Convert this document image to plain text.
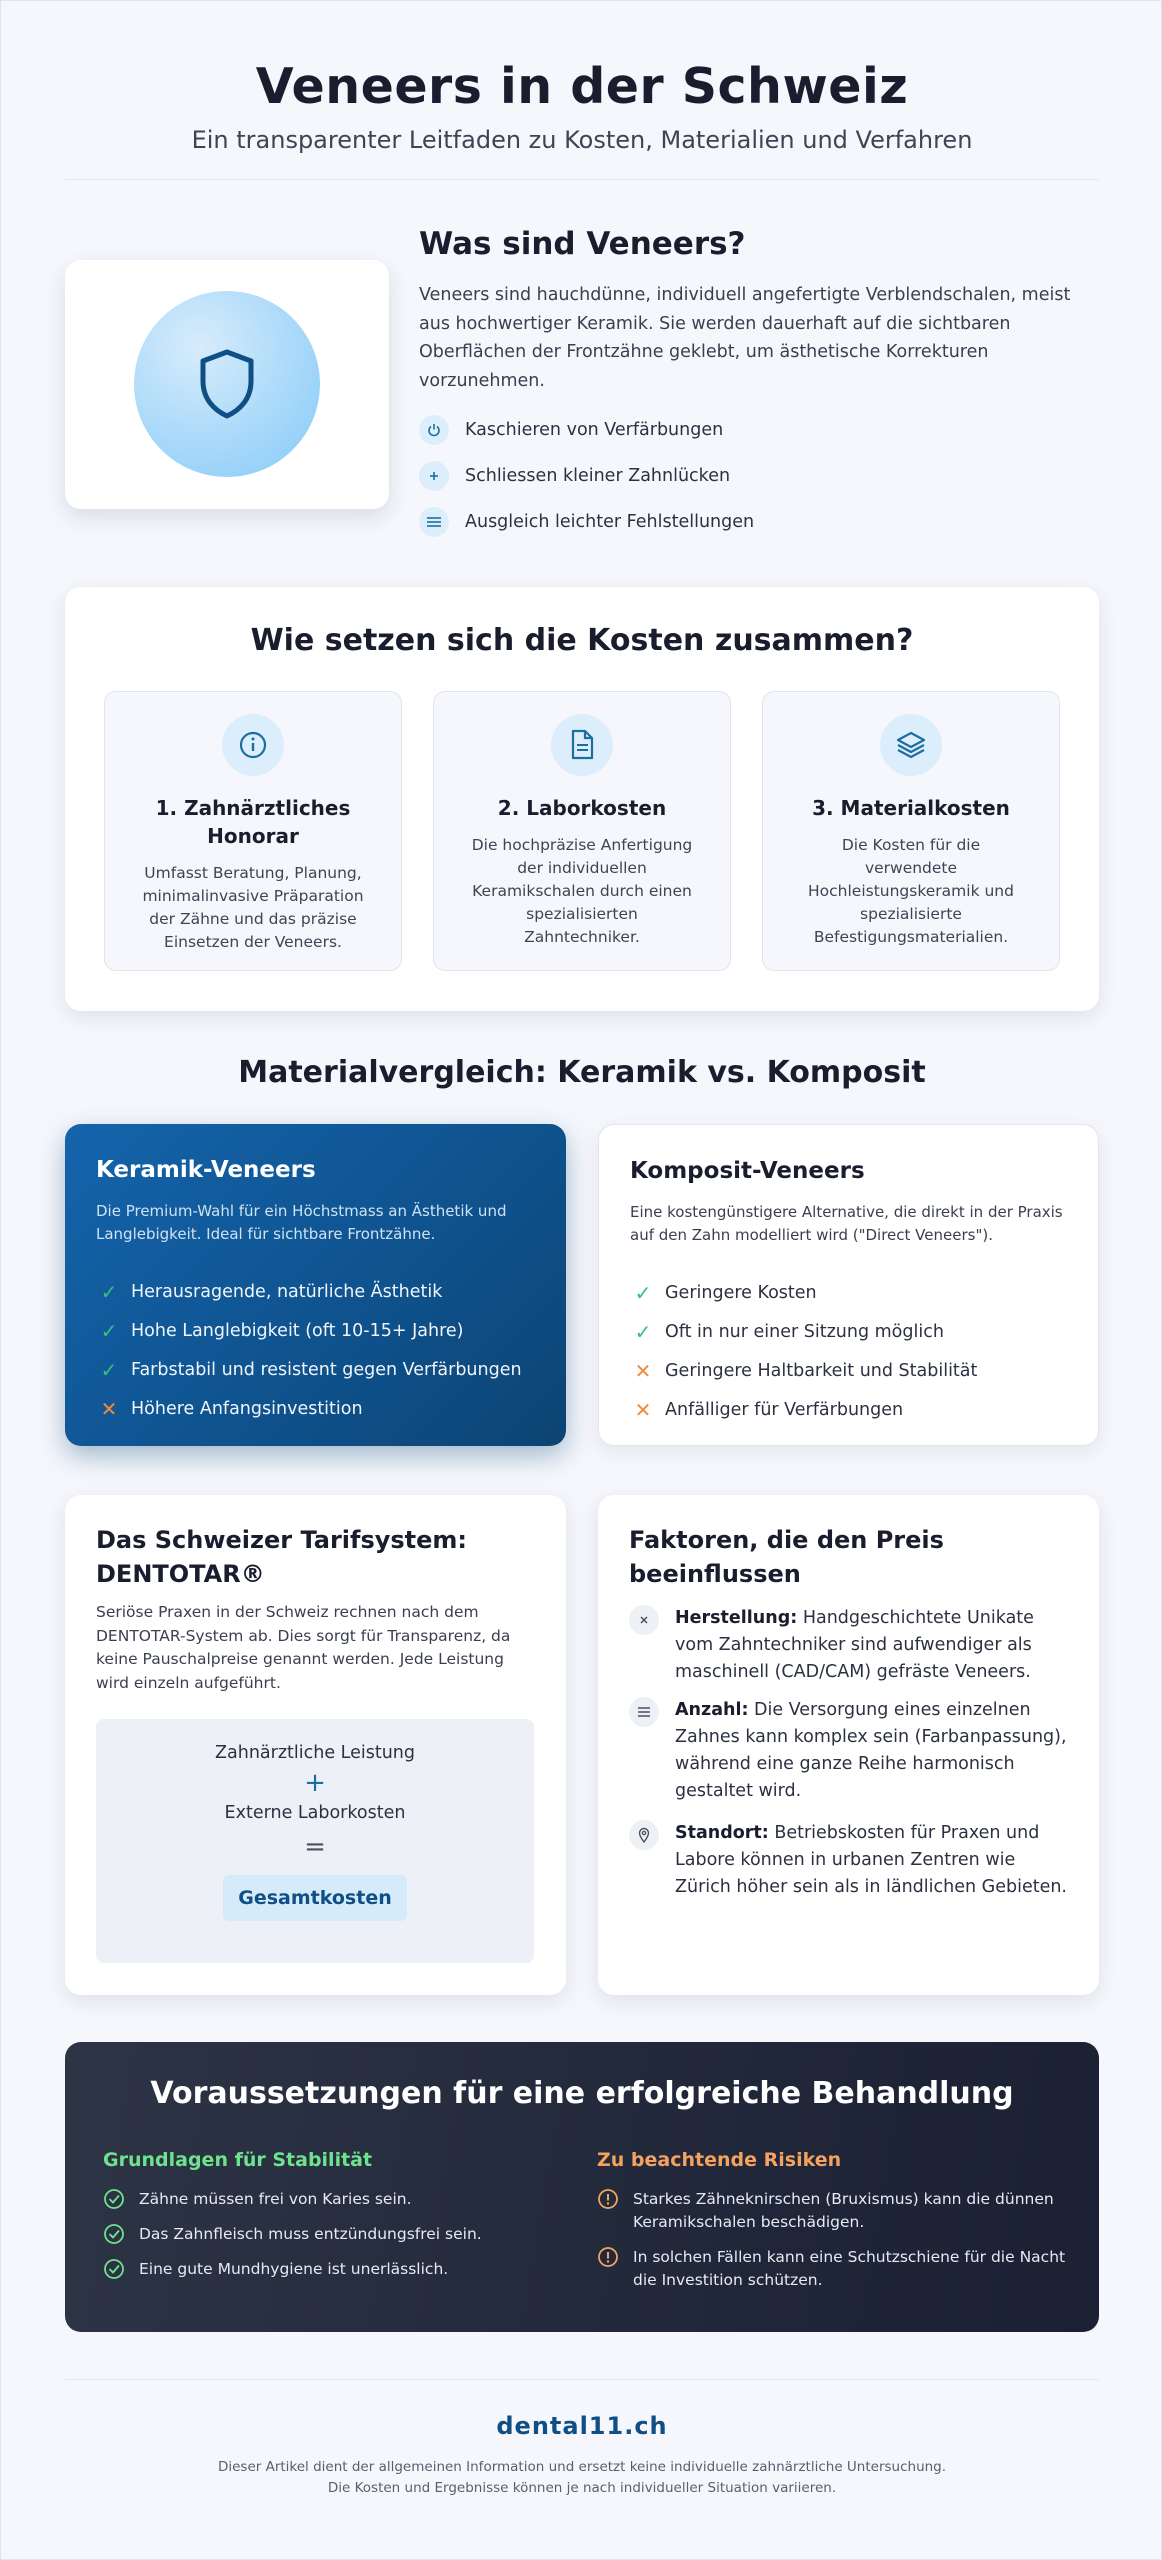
Veneers in der Schweiz

Ein transparenter Leitfaden zu Kosten, Materialien und Verfahren

Was sind Veneers?

Veneers sind hauchdünne, individuell angefertigte Verblendschalen, meist aus hochwertiger Keramik. Sie werden dauerhaft auf die sichtbaren Oberflächen der Frontzähne geklebt, um ästhetische Korrekturen vorzunehmen.

Kaschieren von Verfärbungen
Schliessen kleiner Zahnlücken
Ausgleich leichter Fehlstellungen
Wie setzen sich die Kosten zusammen?
1. Zahnärztliches Honorar

Umfasst Beratung, Planung, minimalinvasive Präparation der Zähne und das präzise Einsetzen der Veneers.

2. Laborkosten

Die hochpräzise Anfertigung der individuellen Keramikschalen durch einen spezialisierten Zahntechniker.

3. Materialkosten

Die Kosten für die verwendete Hochleistungskeramik und spezialisierte Befestigungsmaterialien.

Materialvergleich: Keramik vs. Komposit
Keramik-Veneers

Die Premium-Wahl für ein Höchstmass an Ästhetik und Langlebigkeit. Ideal für sichtbare Frontzähne.

✓ Herausragende, natürliche Ästhetik
✓ Hohe Langlebigkeit (oft 10-15+ Jahre)
✓ Farbstabil und resistent gegen Verfärbungen
✕ Höhere Anfangsinvestition
Komposit-Veneers

Eine kostengünstigere Alternative, die direkt in der Praxis auf den Zahn modelliert wird ("Direct Veneers").

✓ Geringere Kosten
✓ Oft in nur einer Sitzung möglich
✕ Geringere Haltbarkeit und Stabilität
✕ Anfälliger für Verfärbungen
Das Schweizer Tarifsystem: DENTOTAR®

Seriöse Praxen in der Schweiz rechnen nach dem DENTOTAR-System ab. Dies sorgt für Transparenz, da keine Pauschalpreise genannt werden. Jede Leistung wird einzeln aufgeführt.

Zahnärztliche Leistung
+
Externe Laborkosten
=
Gesamtkosten
Faktoren, die den Preis beeinflussen

Herstellung: Handgeschichtete Unikate vom Zahntechniker sind aufwendiger als maschinell (CAD/CAM) gefräste Veneers.

Anzahl: Die Versorgung eines einzelnen Zahnes kann komplex sein (Farbanpassung), während eine ganze Reihe harmonisch gestaltet wird.

Standort: Betriebskosten für Praxen und Labore können in urbanen Zentren wie Zürich höher sein als in ländlichen Gebieten.

Voraussetzungen für eine erfolgreiche Behandlung
Grundlagen für Stabilität
Zähne müssen frei von Karies sein.
Das Zahnfleisch muss entzündungsfrei sein.
Eine gute Mundhygiene ist unerlässlich.
Zu beachtende Risiken
Starkes Zähneknirschen (Bruxismus) kann die dünnen Keramikschalen beschädigen.
In solchen Fällen kann eine Schutzschiene für die Nacht die Investition schützen.
dental11.ch
Dieser Artikel dient der allgemeinen Information und ersetzt keine individuelle zahnärztliche Untersuchung.
Die Kosten und Ergebnisse können je nach individueller Situation variieren.
